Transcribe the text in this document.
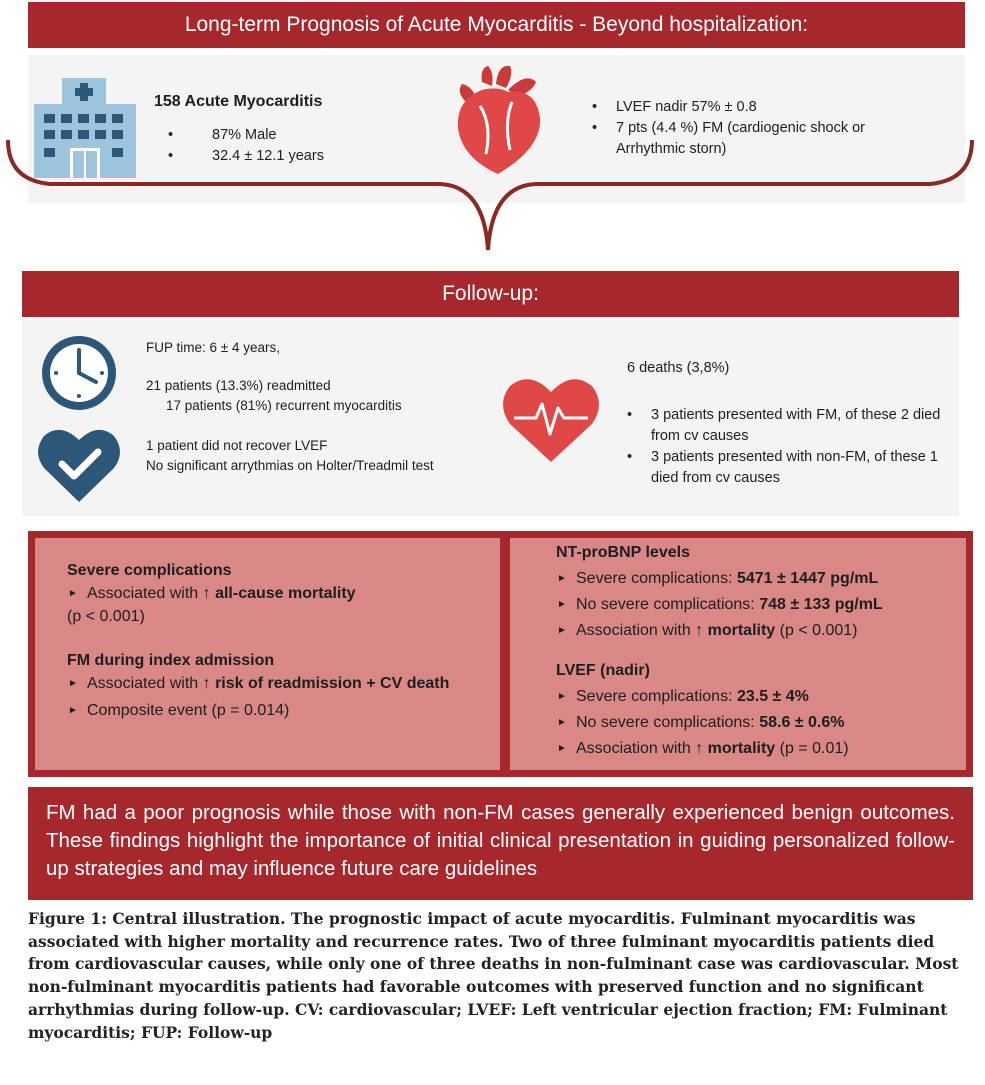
Long-term Prognosis of Acute Myocarditis - Beyond hospitalization:
158 Acute Myocarditis
• 87% Male
• 32.4 ± 12.1 years
• LVEF nadir 57% ± 0.8
• 7 pts (4.4 %) FM (cardiogenic shock or Arrhythmic storn)
Follow-up:
FUP time: 6 ± 4 years,
21 patients (13.3%) readmitted
17 patients (81%) recurrent myocarditis
1 patient did not recover LVEF
No significant arrythmias on Holter/Treadmil test
6 deaths (3,8%)
• 3 patients presented with FM, of these 2 died from cv causes
• 3 patients presented with non-FM, of these 1 died from cv causes
Severe complications
► Associated with ↑ all-cause mortality
(p < 0.001)
FM during index admission
► Associated with ↑ risk of readmission + CV death
► Composite event (p = 0.014)
NT-proBNP levels
► Severe complications: 5471 ± 1447 pg/mL
► No severe complications: 748 ± 133 pg/mL
► Association with ↑ mortality (p < 0.001)
LVEF (nadir)
► Severe complications: 23.5 ± 4%
► No severe complications: 58.6 ± 0.6%
► Association with ↑ mortality (p = 0.01)
FM had a poor prognosis while those with non-FM cases generally experienced benign outcomes. These findings highlight the importance of initial clinical presentation in guiding personalized follow-up strategies and may influence future care guidelines
Figure 1: Central illustration. The prognostic impact of acute myocarditis. Fulminant myocarditis was associated with higher mortality and recurrence rates. Two of three fulminant myocarditis patients died from cardiovascular causes, while only one of three deaths in non-fulminant case was cardiovascular. Most non-fulminant myocarditis patients had favorable outcomes with preserved function and no significant arrhythmias during follow-up. CV: cardiovascular; LVEF: Left ventricular ejection fraction; FM: Fulminant myocarditis; FUP: Follow-up
